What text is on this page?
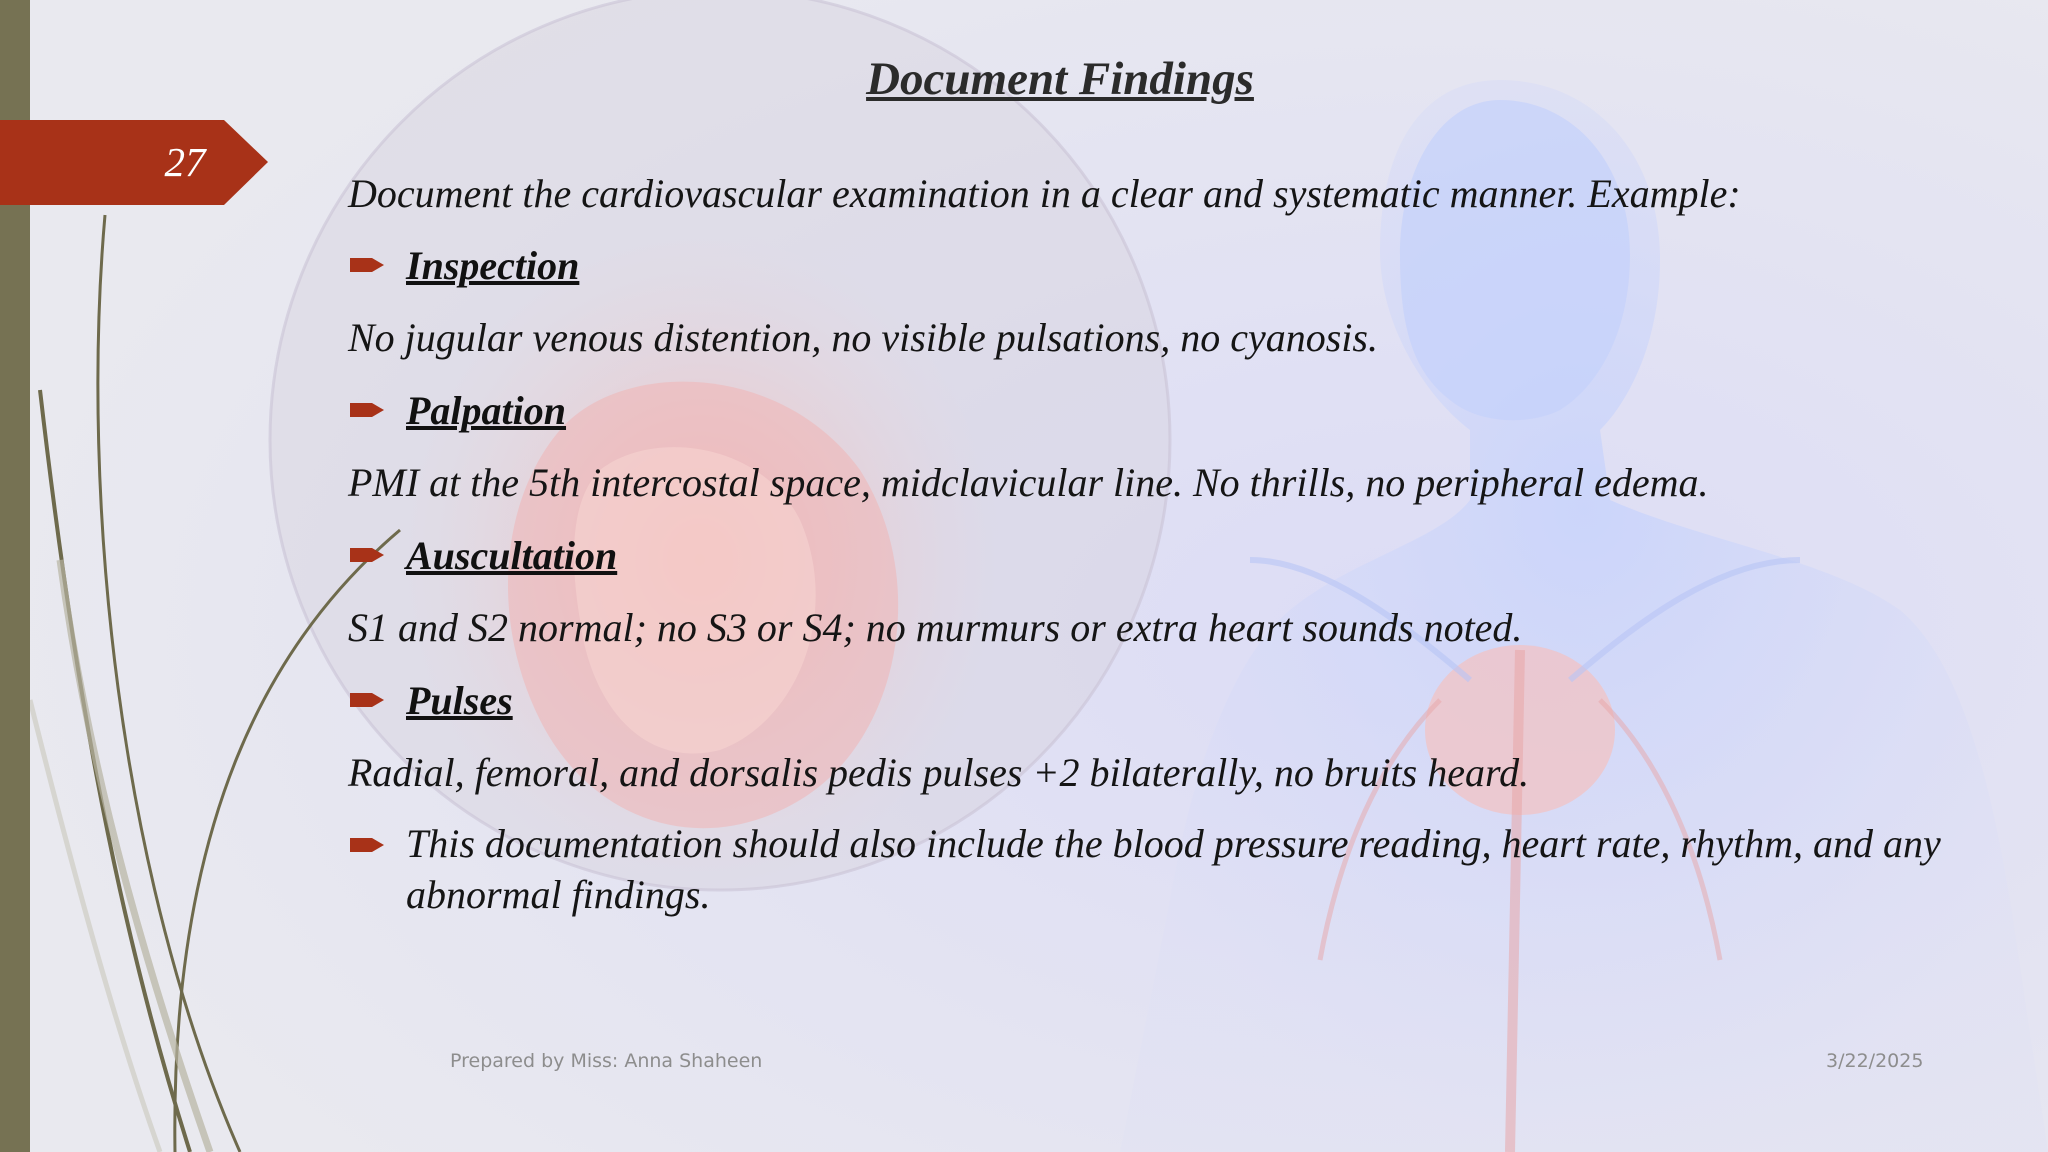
27
Document Findings
Document the cardiovascular examination in a clear and systematic manner. Example:
Inspection
No jugular venous distention, no visible pulsations, no cyanosis.
Palpation
PMI at the 5th intercostal space, midclavicular line. No thrills, no peripheral edema.
Auscultation
S1 and S2 normal; no S3 or S4; no murmurs or extra heart sounds noted.
Pulses
Radial, femoral, and dorsalis pedis pulses +2 bilaterally, no bruits heard.
This documentation should also include the blood pressure reading, heart rate, rhythm, and any abnormal findings.
Prepared by Miss: Anna Shaheen	3/22/2025
